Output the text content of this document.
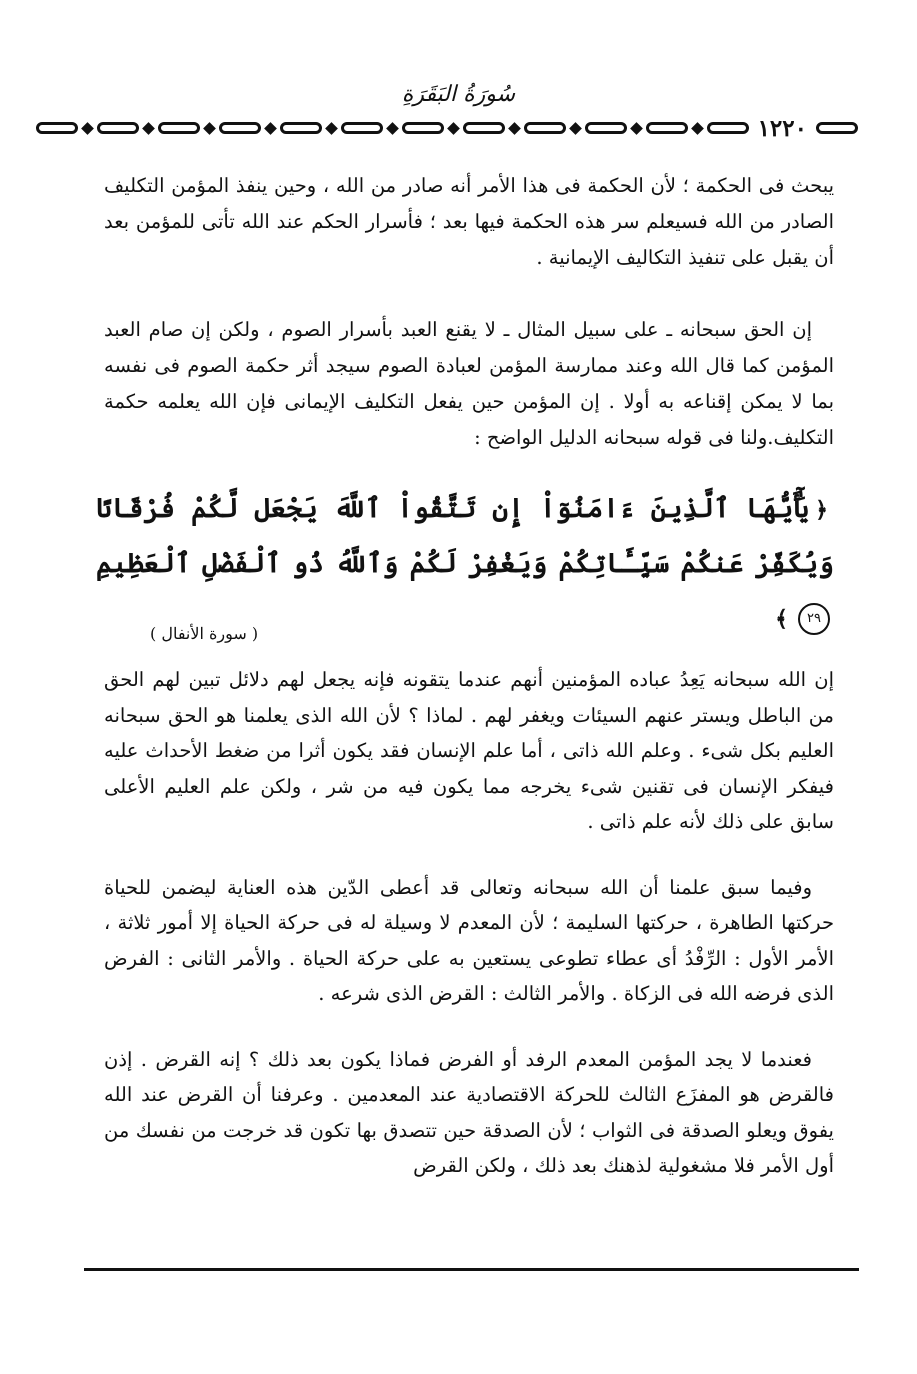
سُورَةُ البَقَرَةِ
١٢٢٠

يبحث فى الحكمة ؛ لأن الحكمة فى هذا الأمر أنه صادر من الله ، وحين ينفذ المؤمن التكليف الصادر من الله فسيعلم سر هذه الحكمة فيها بعد ؛ فأسرار الحكم عند الله تأتى للمؤمن بعد أن يقبل على تنفيذ التكاليف الإيمانية .

إن الحق سبحانه ـ على سبيل المثال ـ لا يقنع العبد بأسرار الصوم ، ولكن إن صام العبد المؤمن كما قال الله وعند ممارسة المؤمن لعبادة الصوم سيجد أثر حكمة الصوم فى نفسه بما لا يمكن إقناعه به أولا . إن المؤمن حين يفعل التكليف الإيمانى فإن الله يعلمه حكمة التكليف.ولنا فى قوله سبحانه الدليل الواضح :

﴿يَٰٓأَيُّهَا ٱلَّذِينَ ءَامَنُوٓاْ إِن تَتَّقُواْ ٱللَّهَ يَجْعَل لَّكُمْ فُرْقَانًا وَيُكَفِّرْ عَنكُمْ سَيِّـَٔاتِكُمْ وَيَغْفِرْ لَكُمْ وَٱللَّهُ ذُو ٱلْفَضْلِ ٱلْعَظِيمِ ٢٩﴾
( سورة الأنفال )

إن الله سبحانه يَعِدُ عباده المؤمنين أنهم عندما يتقونه فإنه يجعل لهم دلائل تبين لهم الحق من الباطل ويستر عنهم السيئات ويغفر لهم . لماذا ؟ لأن الله الذى يعلمنا هو الحق سبحانه العليم بكل شىء . وعلم الله ذاتى ، أما علم الإنسان فقد يكون أثرا من ضغط الأحداث عليه فيفكر الإنسان فى تقنين شىء يخرجه مما يكون فيه من شر ، ولكن علم العليم الأعلى سابق على ذلك لأنه علم ذاتى .

وفيما سبق علمنا أن الله سبحانه وتعالى قد أعطى الدّين هذه العناية ليضمن للحياة حركتها الطاهرة ، حركتها السليمة ؛ لأن المعدم لا وسيلة له فى حركة الحياة إلا أمور ثلاثة ، الأمر الأول : الرِّفْدُ أى عطاء تطوعى يستعين به على حركة الحياة . والأمر الثانى : الفرض الذى فرضه الله فى الزكاة . والأمر الثالث : القرض الذى شرعه .

فعندما لا يجد المؤمن المعدم الرفد أو الفرض فماذا يكون بعد ذلك ؟ إنه القرض . إذن فالقرض هو المفزَع الثالث للحركة الاقتصادية عند المعدمين . وعرفنا أن القرض عند الله يفوق ويعلو الصدقة فى الثواب ؛ لأن الصدقة حين تتصدق بها تكون قد خرجت من نفسك من أول الأمر فلا مشغولية لذهنك بعد ذلك ، ولكن القرض
